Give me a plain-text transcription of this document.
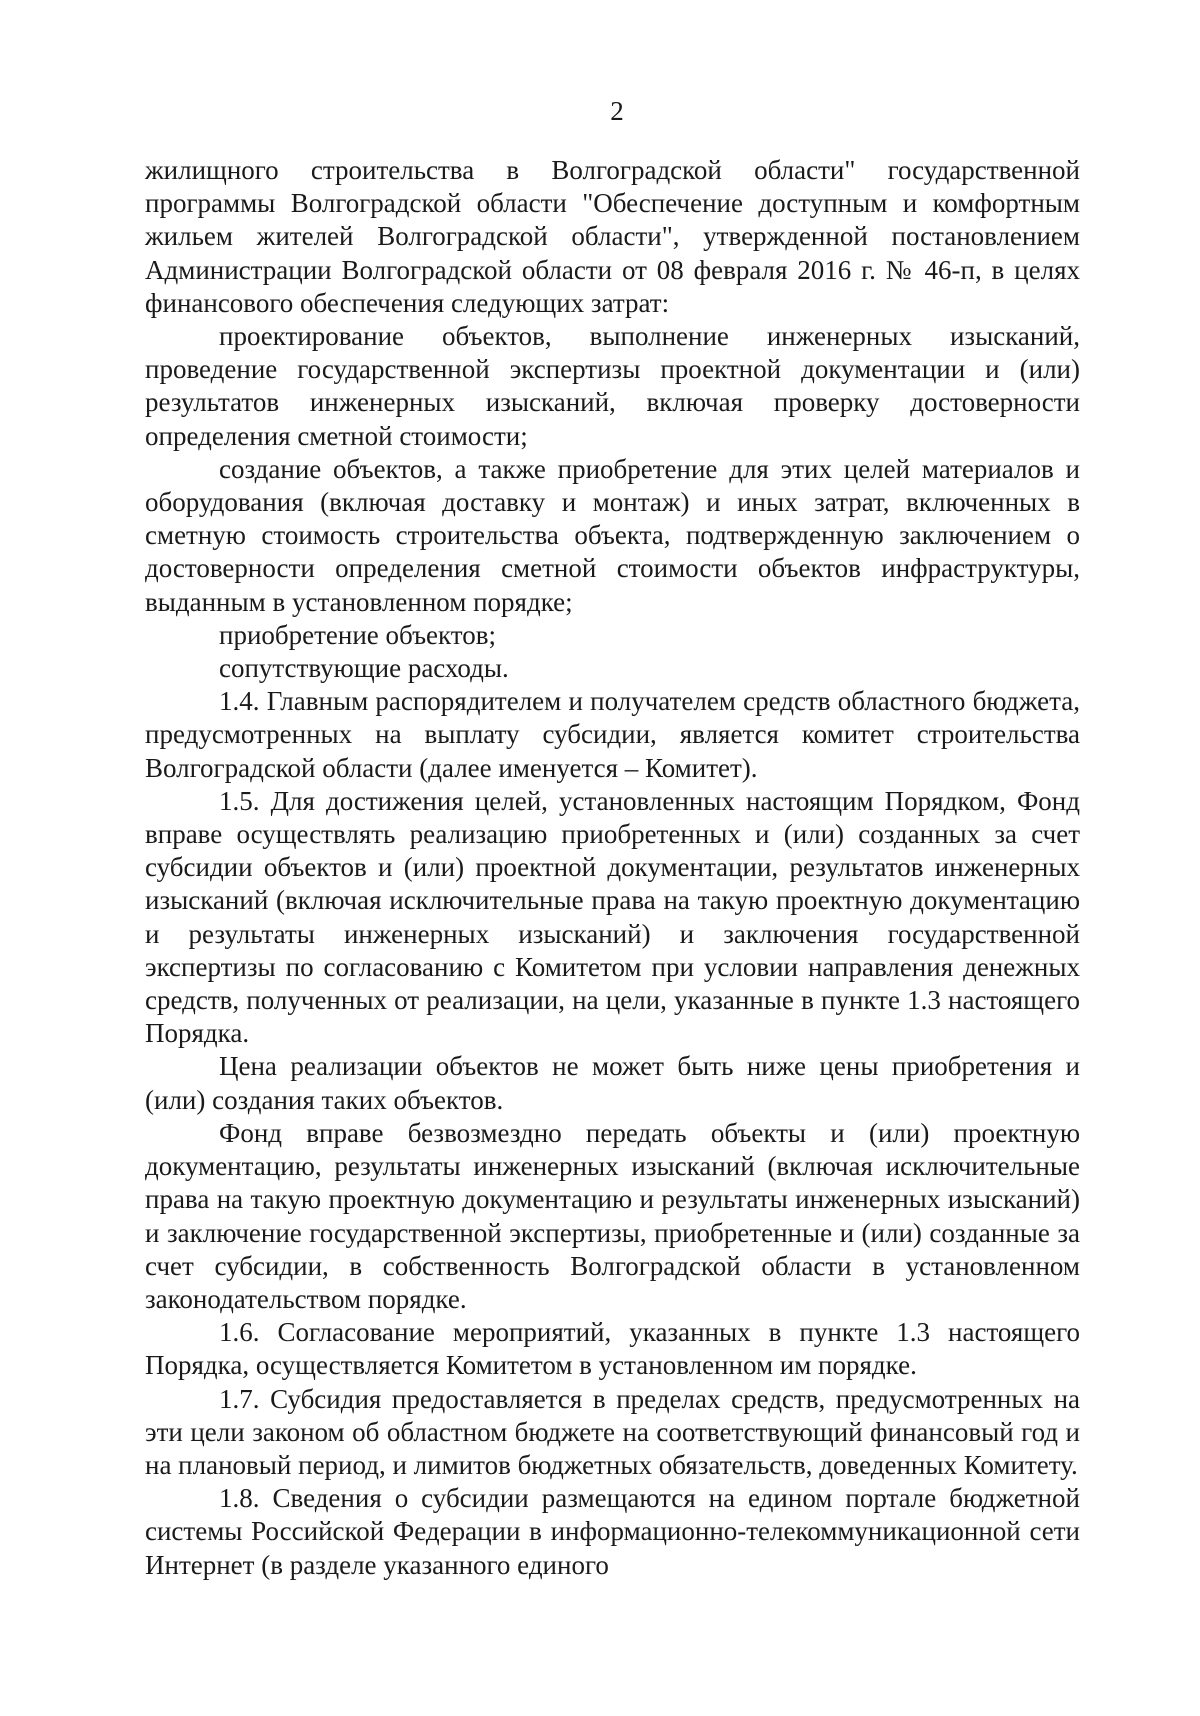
2

жилищного строительства в Волгоградской области" государственной программы Волгоградской области "Обеспечение доступным и комфортным жильем жителей Волгоградской области", утвержденной постановлением Администрации Волгоградской области от 08 февраля 2016 г. № 46-п, в целях финансового обеспечения следующих затрат:

проектирование объектов, выполнение инженерных изысканий, проведение государственной экспертизы проектной документации и (или) результатов инженерных изысканий, включая проверку достоверности определения сметной стоимости;

создание объектов, а также приобретение для этих целей материалов и оборудования (включая доставку и монтаж) и иных затрат, включенных в сметную стоимость строительства объекта, подтвержденную заключением о достоверности определения сметной стоимости объектов инфраструктуры, выданным в установленном порядке;

приобретение объектов;

сопутствующие расходы.

1.4. Главным распорядителем и получателем средств областного бюджета, предусмотренных на выплату субсидии, является комитет строительства Волгоградской области (далее именуется – Комитет).

1.5. Для достижения целей, установленных настоящим Порядком, Фонд вправе осуществлять реализацию приобретенных и (или) созданных за счет субсидии объектов и (или) проектной документации, результатов инженерных изысканий (включая исключительные права на такую проектную документацию и результаты инженерных изысканий) и заключения государственной экспертизы по согласованию с Комитетом при условии направления денежных средств, полученных от реализации, на цели, указанные в пункте 1.3 настоящего Порядка.

Цена реализации объектов не может быть ниже цены приобретения и (или) создания таких объектов.

Фонд вправе безвозмездно передать объекты и (или) проектную документацию, результаты инженерных изысканий (включая исключительные права на такую проектную документацию и результаты инженерных изысканий) и заключение государственной экспертизы, приобретенные и (или) созданные за счет субсидии, в собственность Волгоградской области в установленном законодательством порядке.

1.6. Согласование мероприятий, указанных в пункте 1.3 настоящего Порядка, осуществляется Комитетом в установленном им порядке.

1.7. Субсидия предоставляется в пределах средств, предусмотренных на эти цели законом об областном бюджете на соответствующий финансовый год и на плановый период, и лимитов бюджетных обязательств, доведенных Комитету.

1.8. Сведения о субсидии размещаются на едином портале бюджетной системы Российской Федерации в информационно-телекоммуникационной сети Интернет (в разделе указанного единого
